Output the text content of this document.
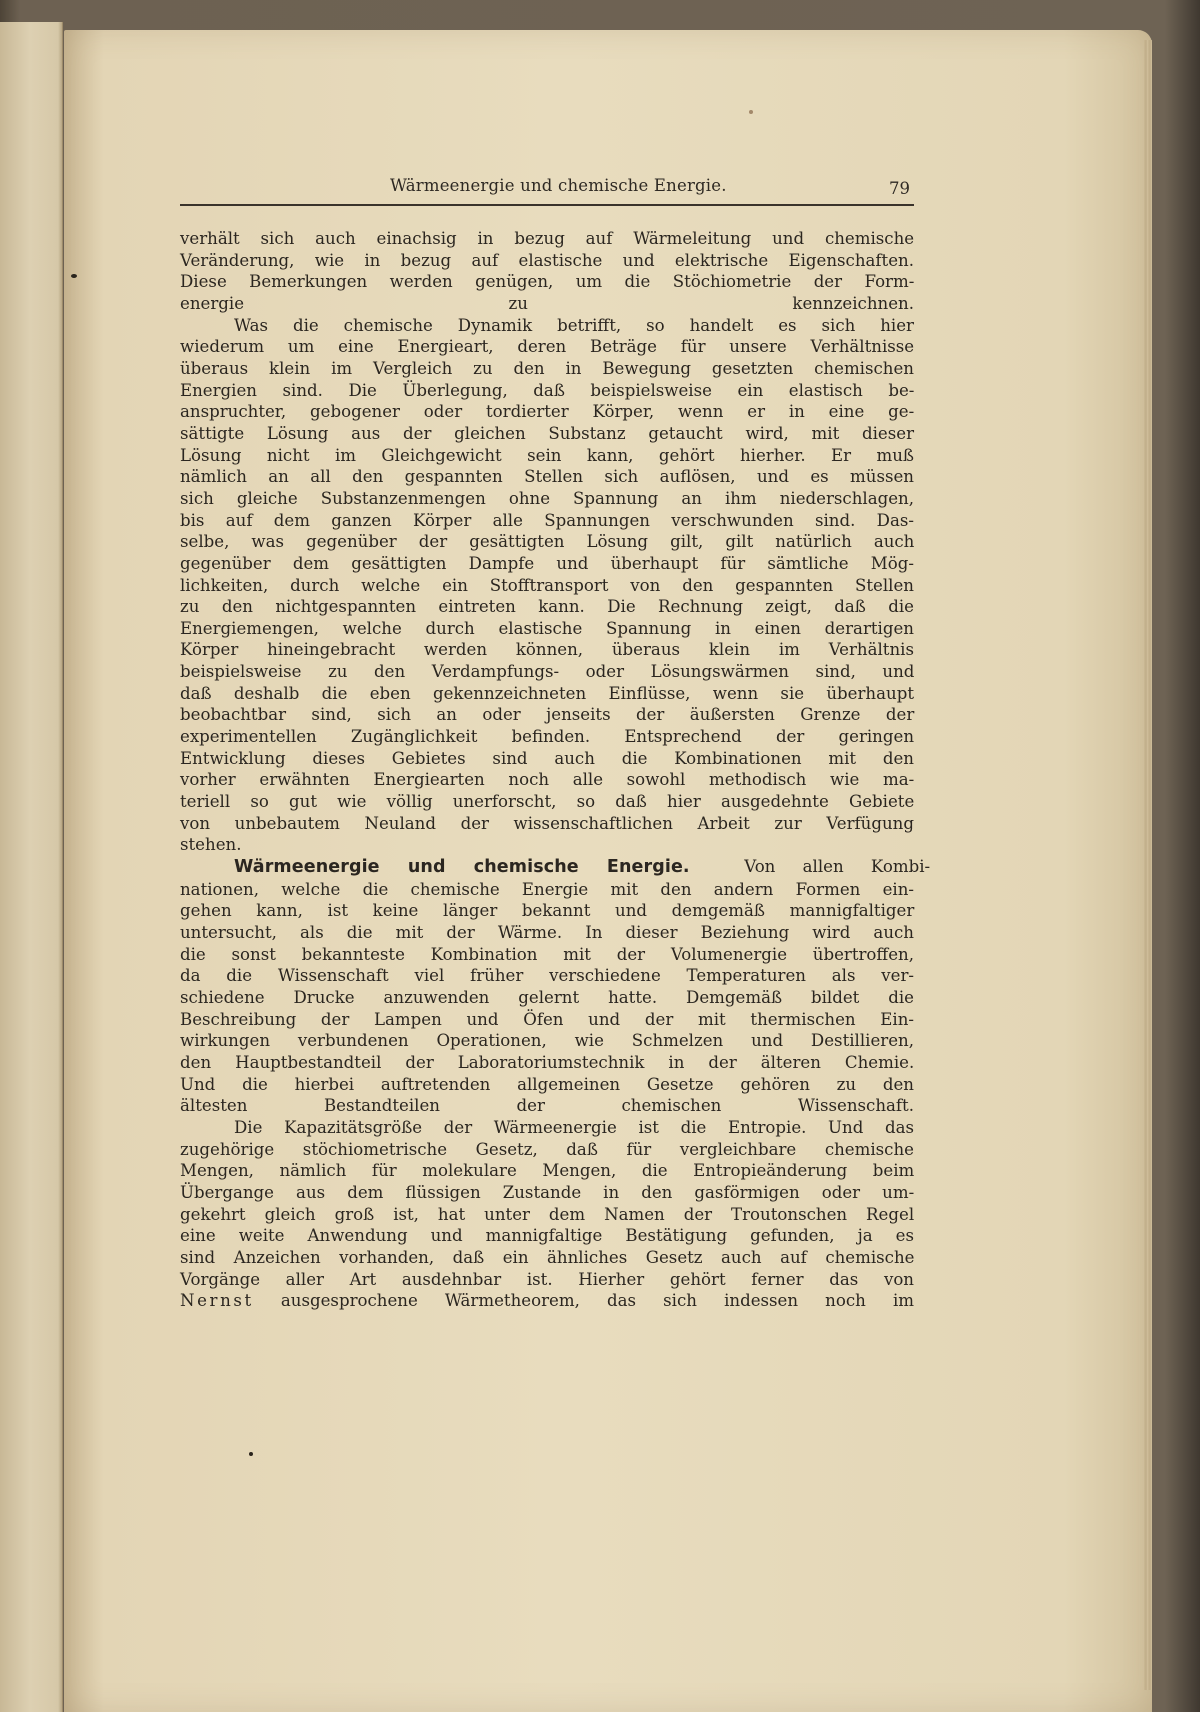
Wärmeenergie und chemische Energie.	79

verhält sich auch einachsig in bezug auf Wärmeleitung und chemische
Veränderung, wie in bezug auf elastische und elektrische Eigenschaften.
Diese Bemerkungen werden genügen, um die Stöchiometrie der Form-
energie zu kennzeichnen.

Was die chemische Dynamik betrifft, so handelt es sich hier
wiederum um eine Energieart, deren Beträge für unsere Verhältnisse
überaus klein im Vergleich zu den in Bewegung gesetzten chemischen
Energien sind. Die Überlegung, daß beispielsweise ein elastisch be-
anspruchter, gebogener oder tordierter Körper, wenn er in eine ge-
sättigte Lösung aus der gleichen Substanz getaucht wird, mit dieser
Lösung nicht im Gleichgewicht sein kann, gehört hierher. Er muß
nämlich an all den gespannten Stellen sich auflösen, und es müssen
sich gleiche Substanzenmengen ohne Spannung an ihm niederschlagen,
bis auf dem ganzen Körper alle Spannungen verschwunden sind. Das-
selbe, was gegenüber der gesättigten Lösung gilt, gilt natürlich auch
gegenüber dem gesättigten Dampfe und überhaupt für sämtliche Mög-
lichkeiten, durch welche ein Stofftransport von den gespannten Stellen
zu den nichtgespannten eintreten kann. Die Rechnung zeigt, daß die
Energiemengen, welche durch elastische Spannung in einen derartigen
Körper hineingebracht werden können, überaus klein im Verhältnis
beispielsweise zu den Verdampfungs- oder Lösungswärmen sind, und
daß deshalb die eben gekennzeichneten Einflüsse, wenn sie überhaupt
beobachtbar sind, sich an oder jenseits der äußersten Grenze der
experimentellen Zugänglichkeit befinden. Entsprechend der geringen
Entwicklung dieses Gebietes sind auch die Kombinationen mit den
vorher erwähnten Energiearten noch alle sowohl methodisch wie ma-
teriell so gut wie völlig unerforscht, so daß hier ausgedehnte Gebiete
von unbebautem Neuland der wissenschaftlichen Arbeit zur Verfügung
stehen.

Wärmeenergie und chemische Energie.	Von allen Kombi-
nationen, welche die chemische Energie mit den andern Formen ein-
gehen kann, ist keine länger bekannt und demgemäß mannigfaltiger
untersucht, als die mit der Wärme. In dieser Beziehung wird auch
die sonst bekannteste Kombination mit der Volumenergie übertroffen,
da die Wissenschaft viel früher verschiedene Temperaturen als ver-
schiedene Drucke anzuwenden gelernt hatte. Demgemäß bildet die
Beschreibung der Lampen und Öfen und der mit thermischen Ein-
wirkungen verbundenen Operationen, wie Schmelzen und Destillieren,
den Hauptbestandteil der Laboratoriumstechnik in der älteren Chemie.
Und die hierbei auftretenden allgemeinen Gesetze gehören zu den
ältesten Bestandteilen der chemischen Wissenschaft.

Die Kapazitätsgröße der Wärmeenergie ist die Entropie. Und das
zugehörige stöchiometrische Gesetz, daß für vergleichbare chemische
Mengen, nämlich für molekulare Mengen, die Entropieänderung beim
Übergange aus dem flüssigen Zustande in den gasförmigen oder um-
gekehrt gleich groß ist, hat unter dem Namen der Troutonschen Regel
eine weite Anwendung und mannigfaltige Bestätigung gefunden, ja es
sind Anzeichen vorhanden, daß ein ähnliches Gesetz auch auf chemische
Vorgänge aller Art ausdehnbar ist. Hierher gehört ferner das von
Nernst ausgesprochene Wärmetheorem, das sich indessen noch im
